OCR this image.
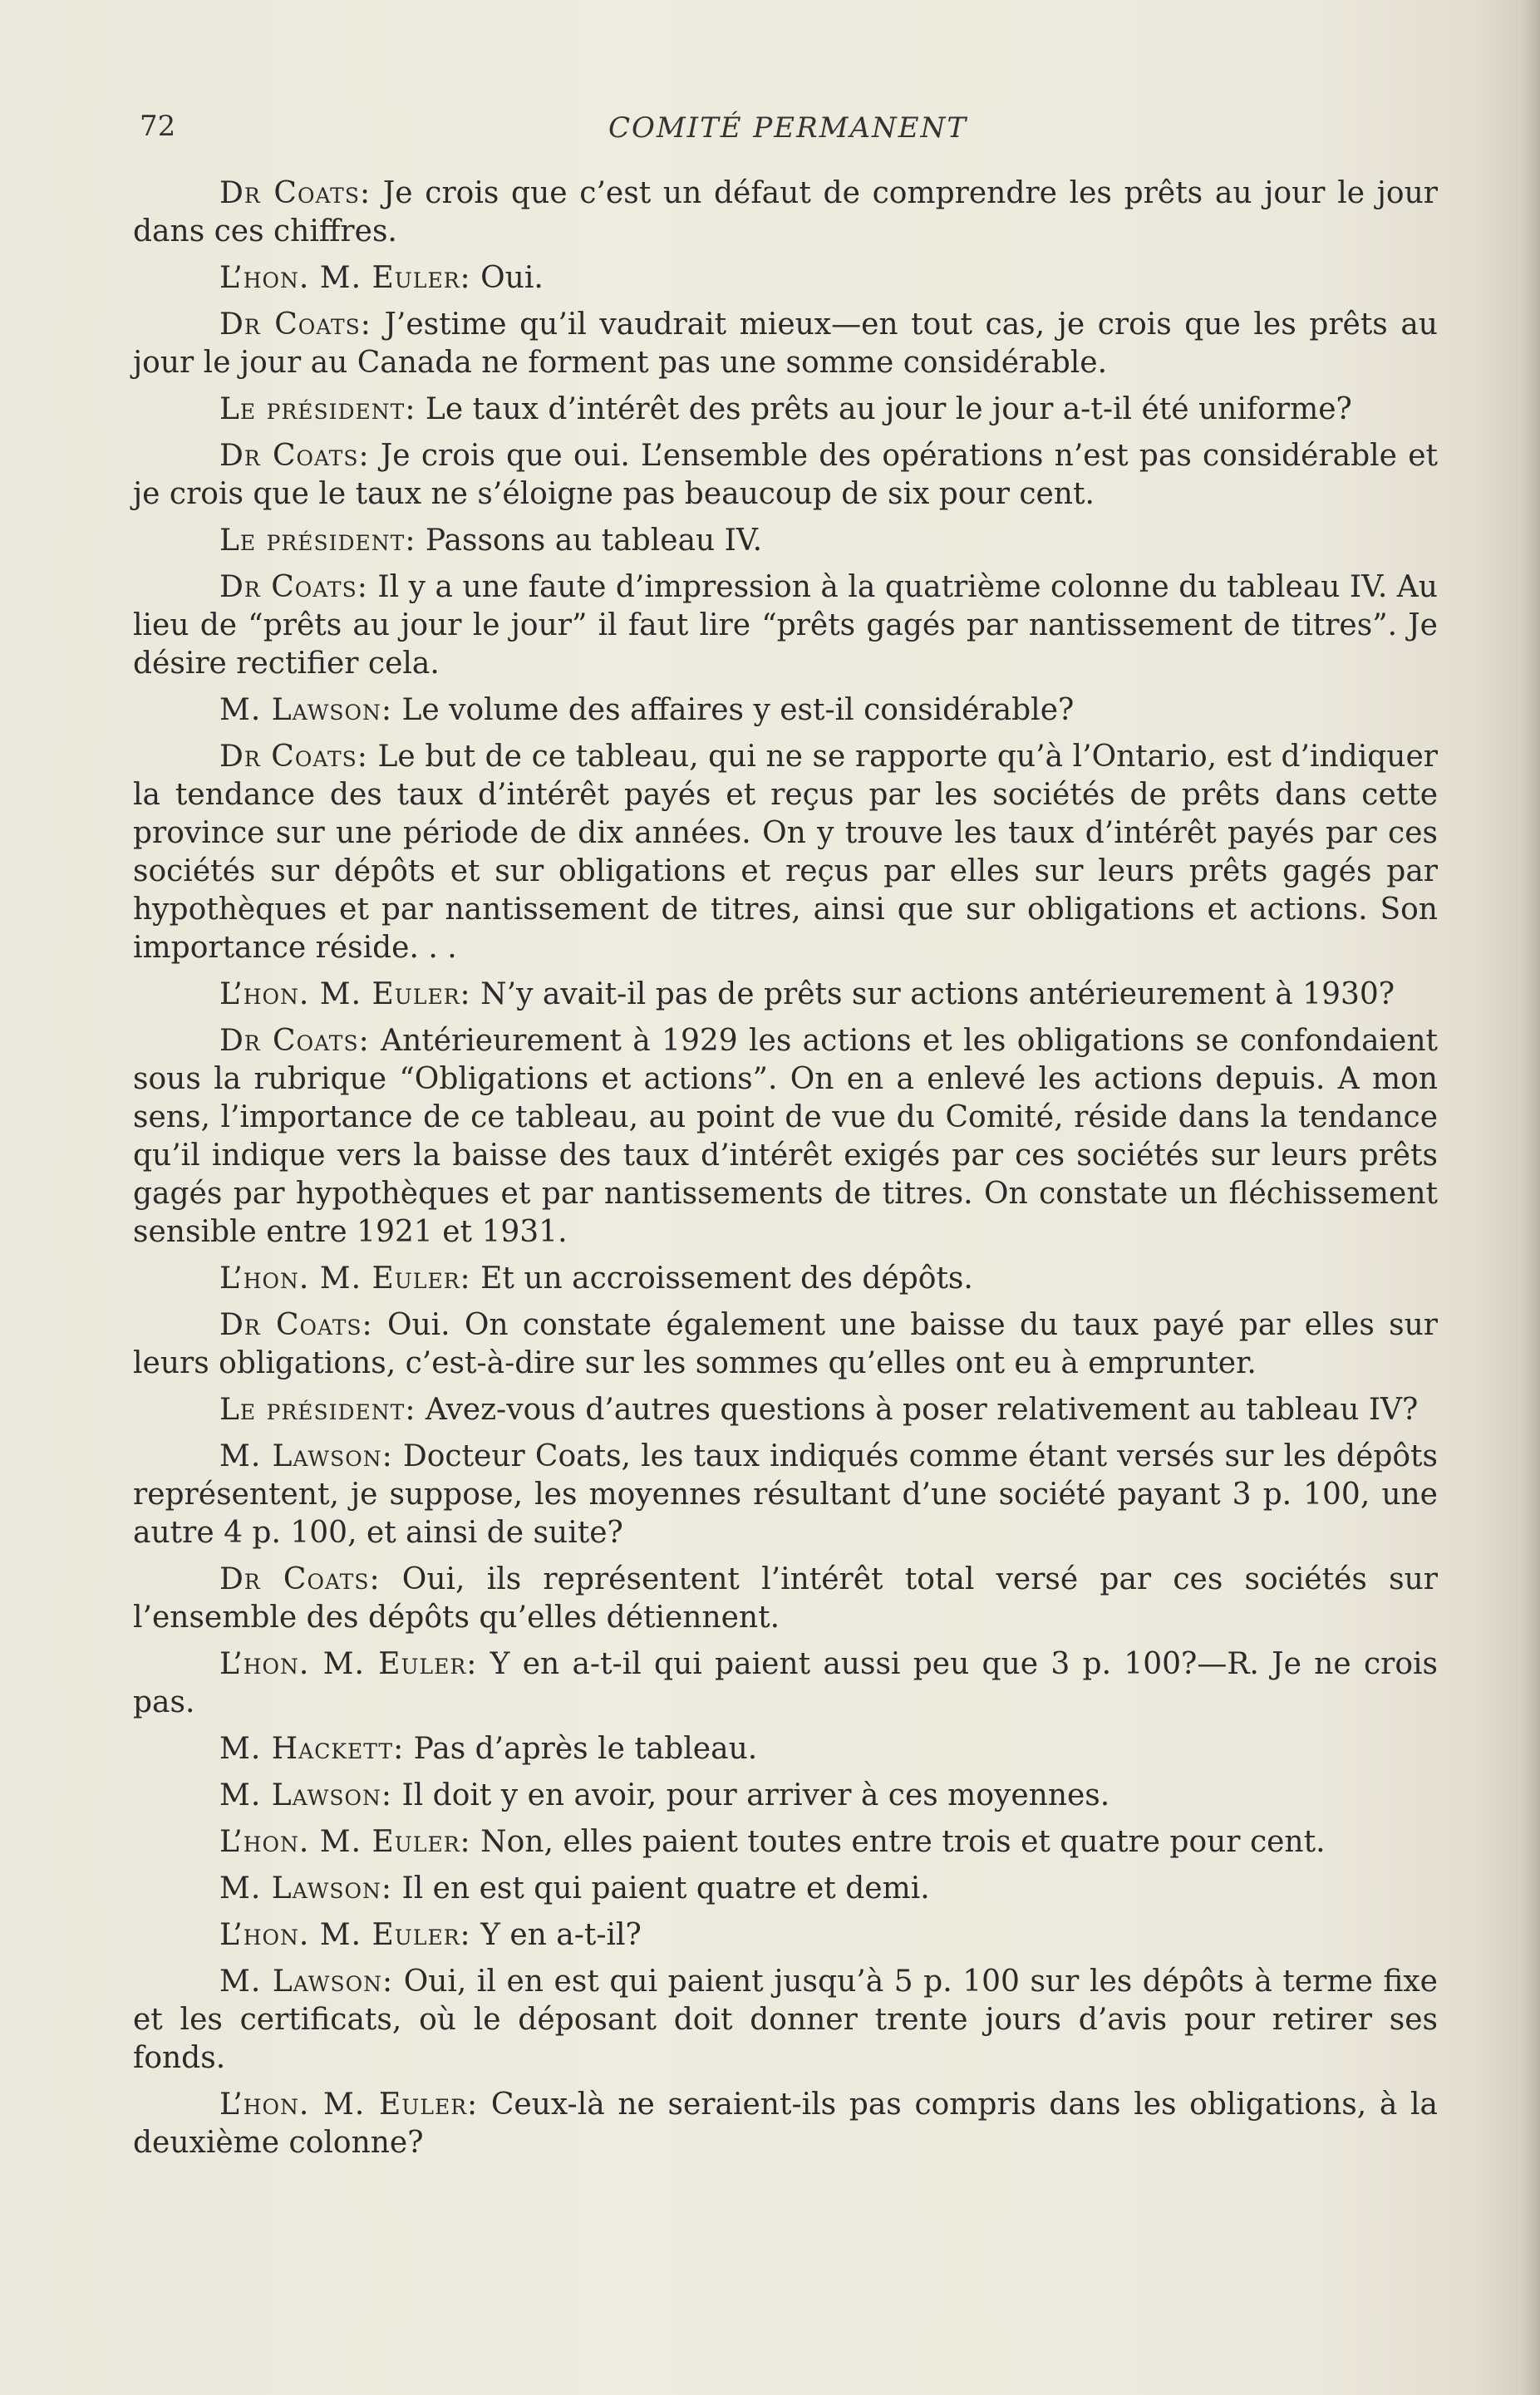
72	COMITÉ PERMANENT

Dr Coats: Je crois que c’est un défaut de comprendre les prêts au jour le jour dans ces chiffres.

L’hon. M. Euler: Oui.

Dr Coats: J’estime qu’il vaudrait mieux—en tout cas, je crois que les prêts au jour le jour au Canada ne forment pas une somme considérable.

Le président: Le taux d’intérêt des prêts au jour le jour a-t-il été uniforme?

Dr Coats: Je crois que oui. L’ensemble des opérations n’est pas considérable et je crois que le taux ne s’éloigne pas beaucoup de six pour cent.

Le président: Passons au tableau IV.

Dr Coats: Il y a une faute d’impression à la quatrième colonne du tableau IV. Au lieu de “prêts au jour le jour” il faut lire “prêts gagés par nantissement de titres”. Je désire rectifier cela.

M. Lawson: Le volume des affaires y est-il considérable?

Dr Coats: Le but de ce tableau, qui ne se rapporte qu’à l’Ontario, est d’indiquer la tendance des taux d’intérêt payés et reçus par les sociétés de prêts dans cette province sur une période de dix années. On y trouve les taux d’intérêt payés par ces sociétés sur dépôts et sur obligations et reçus par elles sur leurs prêts gagés par hypothèques et par nantissement de titres, ainsi que sur obligations et actions. Son importance réside. . .

L’hon. M. Euler: N’y avait-il pas de prêts sur actions antérieurement à 1930?

Dr Coats: Antérieurement à 1929 les actions et les obligations se confondaient sous la rubrique “Obligations et actions”. On en a enlevé les actions depuis. A mon sens, l’importance de ce tableau, au point de vue du Comité, réside dans la tendance qu’il indique vers la baisse des taux d’intérêt exigés par ces sociétés sur leurs prêts gagés par hypothèques et par nantissements de titres. On constate un fléchissement sensible entre 1921 et 1931.

L’hon. M. Euler: Et un accroissement des dépôts.

Dr Coats: Oui. On constate également une baisse du taux payé par elles sur leurs obligations, c’est-à-dire sur les sommes qu’elles ont eu à emprunter.

Le président: Avez-vous d’autres questions à poser relativement au tableau IV?

M. Lawson: Docteur Coats, les taux indiqués comme étant versés sur les dépôts représentent, je suppose, les moyennes résultant d’une société payant 3 p. 100, une autre 4 p. 100, et ainsi de suite?

Dr Coats: Oui, ils représentent l’intérêt total versé par ces sociétés sur l’ensemble des dépôts qu’elles détiennent.

L’hon. M. Euler: Y en a-t-il qui paient aussi peu que 3 p. 100?—R. Je ne crois pas.

M. Hackett: Pas d’après le tableau.

M. Lawson: Il doit y en avoir, pour arriver à ces moyennes.

L’hon. M. Euler: Non, elles paient toutes entre trois et quatre pour cent.

M. Lawson: Il en est qui paient quatre et demi.

L’hon. M. Euler: Y en a-t-il?

M. Lawson: Oui, il en est qui paient jusqu’à 5 p. 100 sur les dépôts à terme fixe et les certificats, où le déposant doit donner trente jours d’avis pour retirer ses fonds.

L’hon. M. Euler: Ceux-là ne seraient-ils pas compris dans les obligations, à la deuxième colonne?
